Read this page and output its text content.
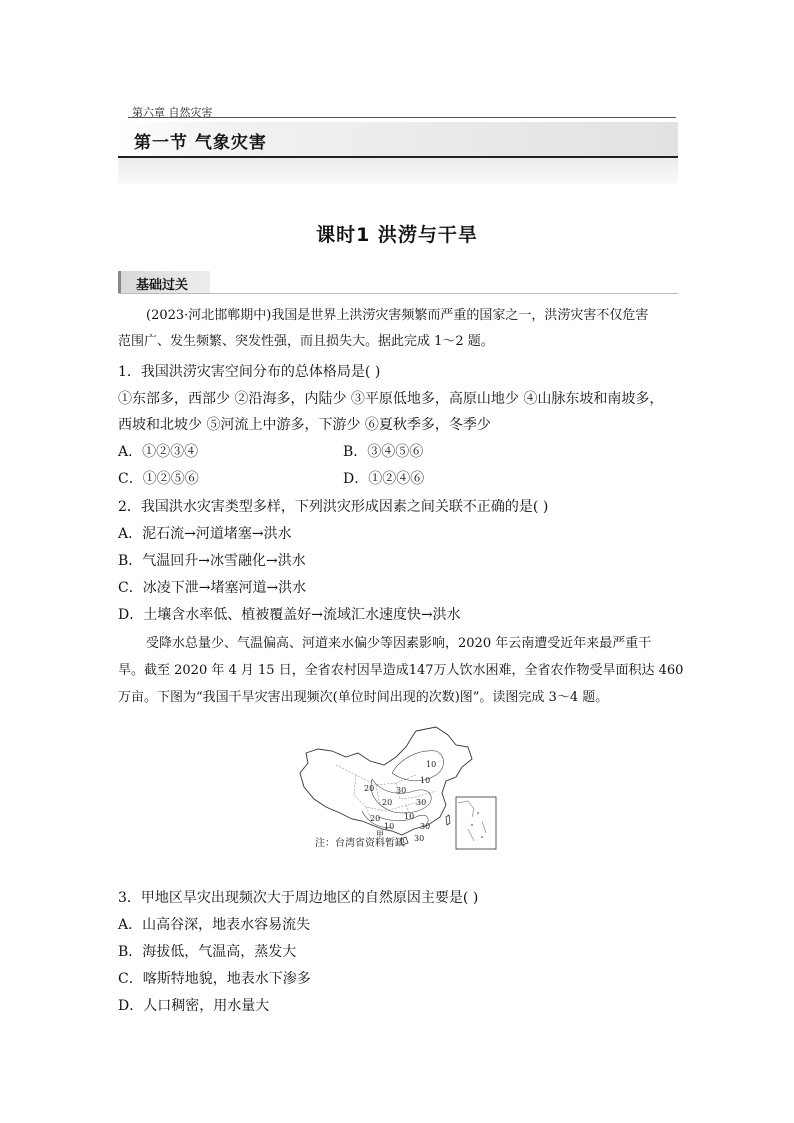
第六章 自然灾害
第一节 气象灾害
课时1 洪涝与干旱
基础过关
(2023·河北邯郸期中)我国是世界上洪涝灾害频繁而严重的国家之一，洪涝灾害不仅危害
范围广、发生频繁、突发性强，而且损失大。据此完成 1～2 题。
1．我国洪涝灾害空间分布的总体格局是( )
①东部多，西部少 ②沿海多，内陆少 ③平原低地多，高原山地少 ④山脉东坡和南坡多，
西坡和北坡少 ⑤河流上中游多，下游少 ⑥夏秋季多，冬季少
A．①②③④	B．③④⑤⑥
C．①②⑤⑥	D．①②④⑥
2．我国洪水灾害类型多样，下列洪灾形成因素之间关联不正确的是( )
A．泥石流→河道堵塞→洪水
B．气温回升→冰雪融化→洪水
C．冰凌下泄→堵塞河道→洪水
D．土壤含水率低、植被覆盖好→流域汇水速度快→洪水
受降水总量少、气温偏高、河道来水偏少等因素影响，2020 年云南遭受近年来最严重干
旱。截至 2020 年 4 月 15 日，全省农村因旱造成147万人饮水困难，全省农作物受旱面积达 460
万亩。下图为“我国干旱灾害出现频次(单位时间出现的次数)图”。读图完成 3～4 题。
10
10
20	30
20	30
10
10
30
20
30
甲
注：台湾省资料暂缺
3．甲地区旱灾出现频次大于周边地区的自然原因主要是( )
A．山高谷深，地表水容易流失
B．海拔低，气温高，蒸发大
C．喀斯特地貌，地表水下渗多
D．人口稠密，用水量大
